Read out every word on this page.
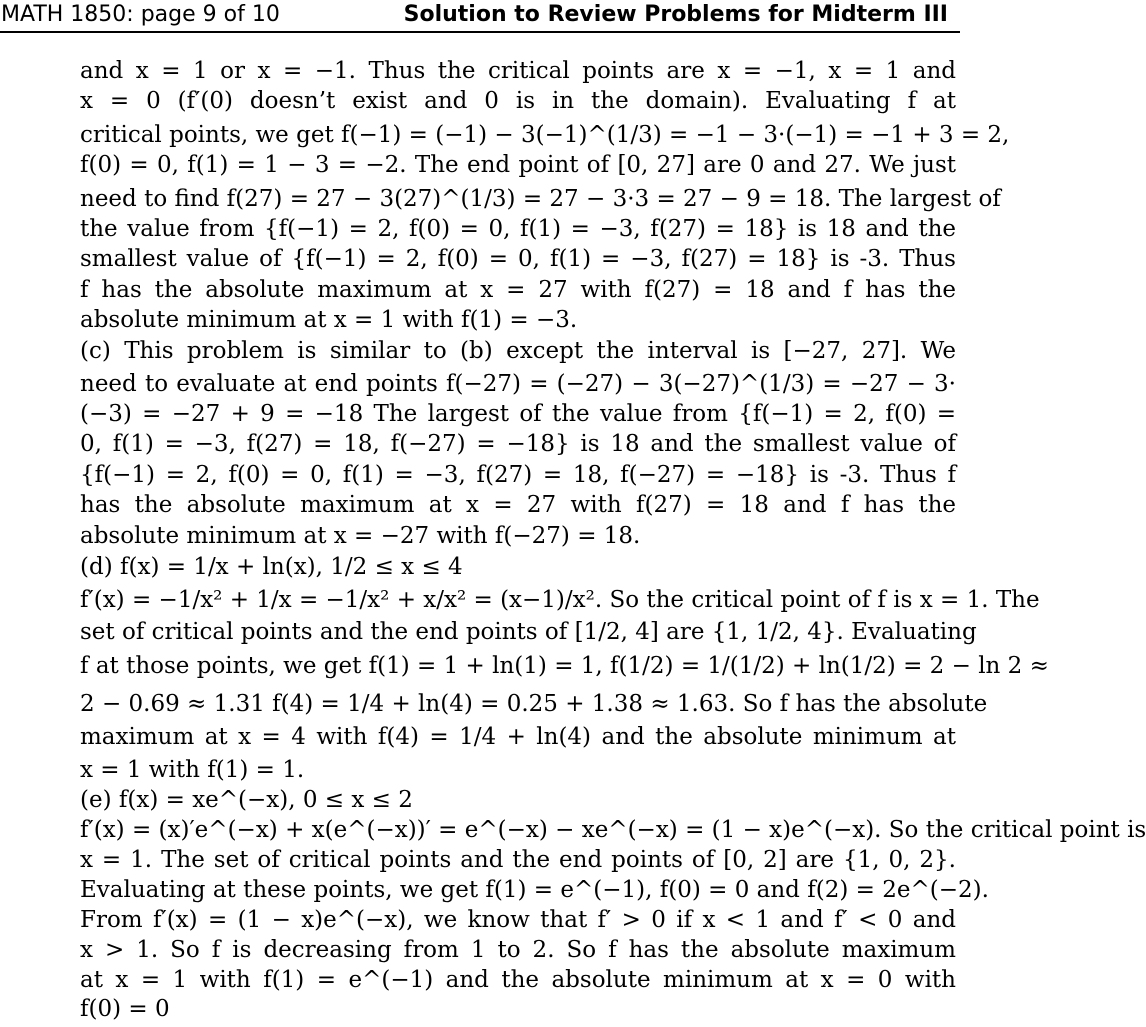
MATH 1850: page 9 of 10	Solution to Review Problems for Midterm III
and x = 1 or x = −1. Thus the critical points are x = −1, x = 1 and
x = 0 (f′(0) doesn’t exist and 0 is in the domain). Evaluating f at
critical points, we get f(−1) = (−1) − 3(−1)^(1/3) = −1 − 3·(−1) = −1 + 3 = 2,
f(0) = 0, f(1) = 1 − 3 = −2. The end point of [0, 27] are 0 and 27. We just
need to find f(27) = 27 − 3(27)^(1/3) = 27 − 3·3 = 27 − 9 = 18. The largest of
the value from {f(−1) = 2, f(0) = 0, f(1) = −3, f(27) = 18} is 18 and the
smallest value of {f(−1) = 2, f(0) = 0, f(1) = −3, f(27) = 18} is -3. Thus
f has the absolute maximum at x = 27 with f(27) = 18 and f has the
absolute minimum at x = 1 with f(1) = −3.
(c) This problem is similar to (b) except the interval is [−27, 27]. We
need to evaluate at end points f(−27) = (−27) − 3(−27)^(1/3) = −27 − 3·
(−3) = −27 + 9 = −18 The largest of the value from {f(−1) = 2, f(0) =
0, f(1) = −3, f(27) = 18, f(−27) = −18} is 18 and the smallest value of
{f(−1) = 2, f(0) = 0, f(1) = −3, f(27) = 18, f(−27) = −18} is -3. Thus f
has the absolute maximum at x = 27 with f(27) = 18 and f has the
absolute minimum at x = −27 with f(−27) = 18.
(d) f(x) = 1/x + ln(x), 1/2 ≤ x ≤ 4
f′(x) = −1/x² + 1/x = −1/x² + x/x² = (x−1)/x². So the critical point of f is x = 1. The
set of critical points and the end points of [1/2, 4] are {1, 1/2, 4}. Evaluating
f at those points, we get f(1) = 1 + ln(1) = 1, f(1/2) = 1/(1/2) + ln(1/2) = 2 − ln 2 ≈
2 − 0.69 ≈ 1.31 f(4) = 1/4 + ln(4) = 0.25 + 1.38 ≈ 1.63. So f has the absolute
maximum at x = 4 with f(4) = 1/4 + ln(4) and the absolute minimum at
x = 1 with f(1) = 1.
(e) f(x) = xe^(−x), 0 ≤ x ≤ 2
f′(x) = (x)′e^(−x) + x(e^(−x))′ = e^(−x) − xe^(−x) = (1 − x)e^(−x). So the critical point is
x = 1. The set of critical points and the end points of [0, 2] are {1, 0, 2}.
Evaluating at these points, we get f(1) = e^(−1), f(0) = 0 and f(2) = 2e^(−2).
From f′(x) = (1 − x)e^(−x), we know that f′ > 0 if x < 1 and f′ < 0 and
x > 1. So f is decreasing from 1 to 2. So f has the absolute maximum
at x = 1 with f(1) = e^(−1) and the absolute minimum at x = 0 with
f(0) = 0
